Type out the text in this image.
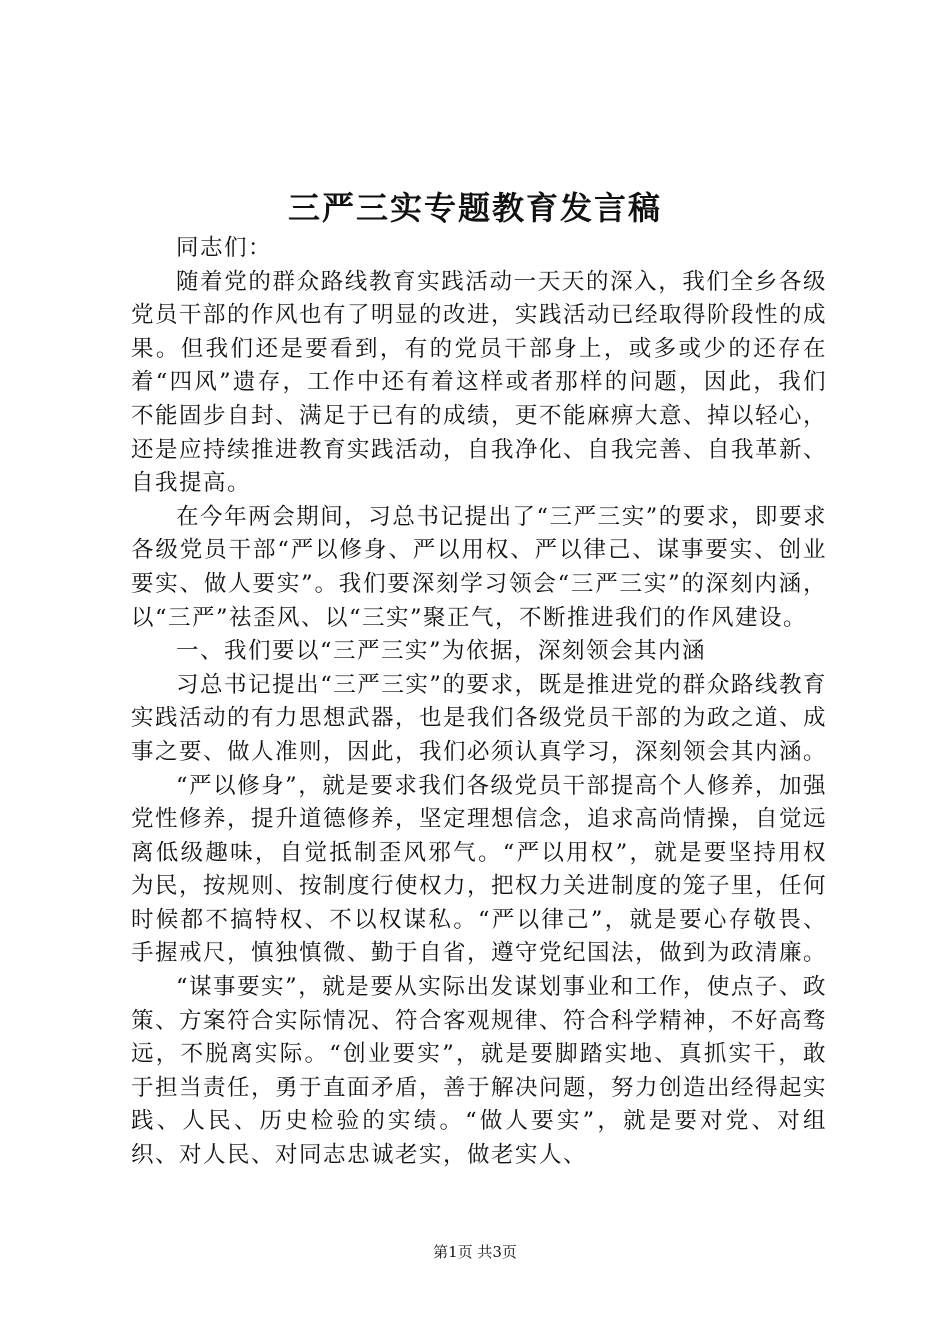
三严三实专题教育发言稿

同志们：

随着党的群众路线教育实践活动一天天的深入，我们全乡各级党员干部的作风也有了明显的改进，实践活动已经取得阶段性的成果。但我们还是要看到，有的党员干部身上，或多或少的还存在着“四风”遗存，工作中还有着这样或者那样的问题，因此，我们不能固步自封、满足于已有的成绩，更不能麻痹大意、掉以轻心，还是应持续推进教育实践活动，自我净化、自我完善、自我革新、自我提高。

在今年两会期间，习总书记提出了“三严三实”的要求，即要求各级党员干部“严以修身、严以用权、严以律己、谋事要实、创业要实、做人要实”。我们要深刻学习领会“三严三实”的深刻内涵，以“三严”祛歪风、以“三实”聚正气，不断推进我们的作风建设。

一、我们要以“三严三实”为依据，深刻领会其内涵

习总书记提出“三严三实”的要求，既是推进党的群众路线教育实践活动的有力思想武器，也是我们各级党员干部的为政之道、成事之要、做人准则，因此，我们必须认真学习，深刻领会其内涵。

“严以修身”，就是要求我们各级党员干部提高个人修养，加强党性修养，提升道德修养，坚定理想信念，追求高尚情操，自觉远离低级趣味，自觉抵制歪风邪气。“严以用权”，就是要坚持用权为民，按规则、按制度行使权力，把权力关进制度的笼子里，任何时候都不搞特权、不以权谋私。“严以律己”，就是要心存敬畏、手握戒尺，慎独慎微、勤于自省，遵守党纪国法，做到为政清廉。

“谋事要实”，就是要从实际出发谋划事业和工作，使点子、政策、方案符合实际情况、符合客观规律、符合科学精神，不好高骛远，不脱离实际。“创业要实”，就是要脚踏实地、真抓实干，敢于担当责任，勇于直面矛盾，善于解决问题，努力创造出经得起实践、人民、历史检验的实绩。“做人要实”，就是要对党、对组织、对人民、对同志忠诚老实，做老实人、

第1页 共3页
